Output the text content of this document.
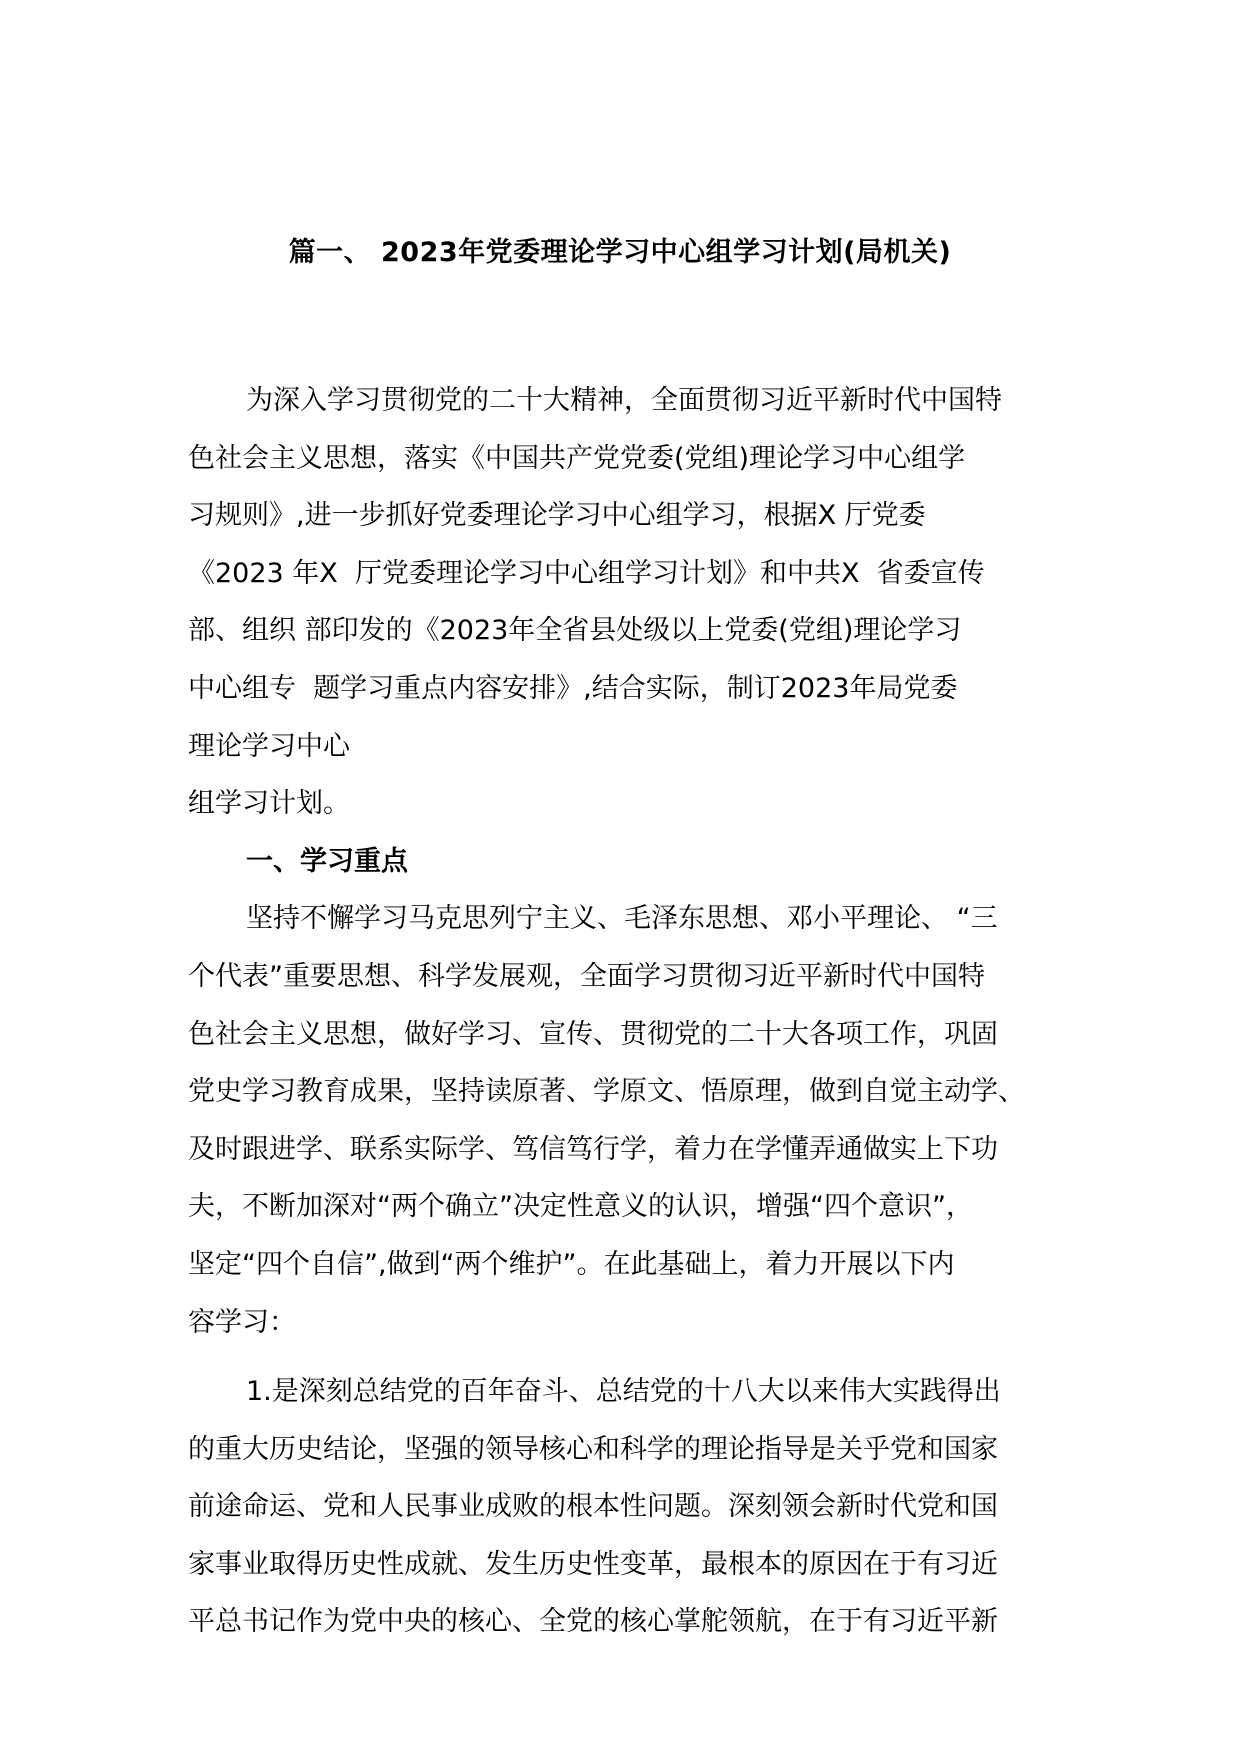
篇一、 2023年党委理论学习中心组学习计划(局机关)
为深入学习贯彻党的二十大精神，全面贯彻习近平新时代中国特
色社会主义思想，落实《中国共产党党委(党组)理论学习中心组学
习规则》,进一步抓好党委理论学习中心组学习，根据X 厅党委
《2023 年X  厅党委理论学习中心组学习计划》和中共X  省委宣传
部、组织 部印发的《2023年全省县处级以上党委(党组)理论学习
中心组专  题学习重点内容安排》,结合实际，制订2023年局党委
理论学习中心
组学习计划。
一、学习重点
坚持不懈学习马克思列宁主义、毛泽东思想、邓小平理论、 “三
个代表”重要思想、科学发展观，全面学习贯彻习近平新时代中国特
色社会主义思想，做好学习、宣传、贯彻党的二十大各项工作，巩固
党史学习教育成果，坚持读原著、学原文、悟原理，做到自觉主动学、
及时跟进学、联系实际学、笃信笃行学，着力在学懂弄通做实上下功
夫，不断加深对“两个确立”决定性意义的认识，增强“四个意识”，
坚定“四个自信”,做到“两个维护”。在此基础上，着力开展以下内
容学习：
1.是深刻总结党的百年奋斗、总结党的十八大以来伟大实践得出
的重大历史结论，坚强的领导核心和科学的理论指导是关乎党和国家
前途命运、党和人民事业成败的根本性问题。深刻领会新时代党和国
家事业取得历史性成就、发生历史性变革，最根本的原因在于有习近
平总书记作为党中央的核心、全党的核心掌舵领航，在于有习近平新
